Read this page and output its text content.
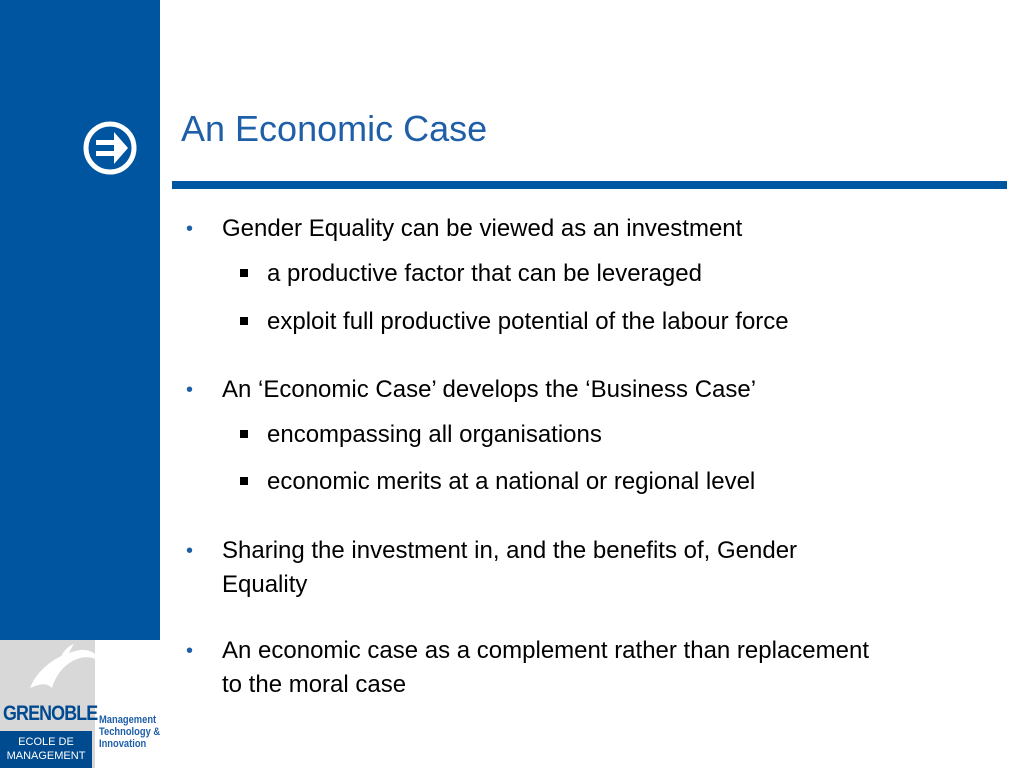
An Economic Case
• Gender Equality can be viewed as an investment
a productive factor that can be leveraged
exploit full productive potential of the labour force
• An ‘Economic Case’ develops the ‘Business Case’
encompassing all organisations
economic merits at a national or regional level
• Sharing the investment in, and the benefits of, Gender
Equality
• An economic case as a complement rather than replacement
to the moral case
GRENOBLE
ECOLE DE
MANAGEMENT
Management
Technology &
Innovation
